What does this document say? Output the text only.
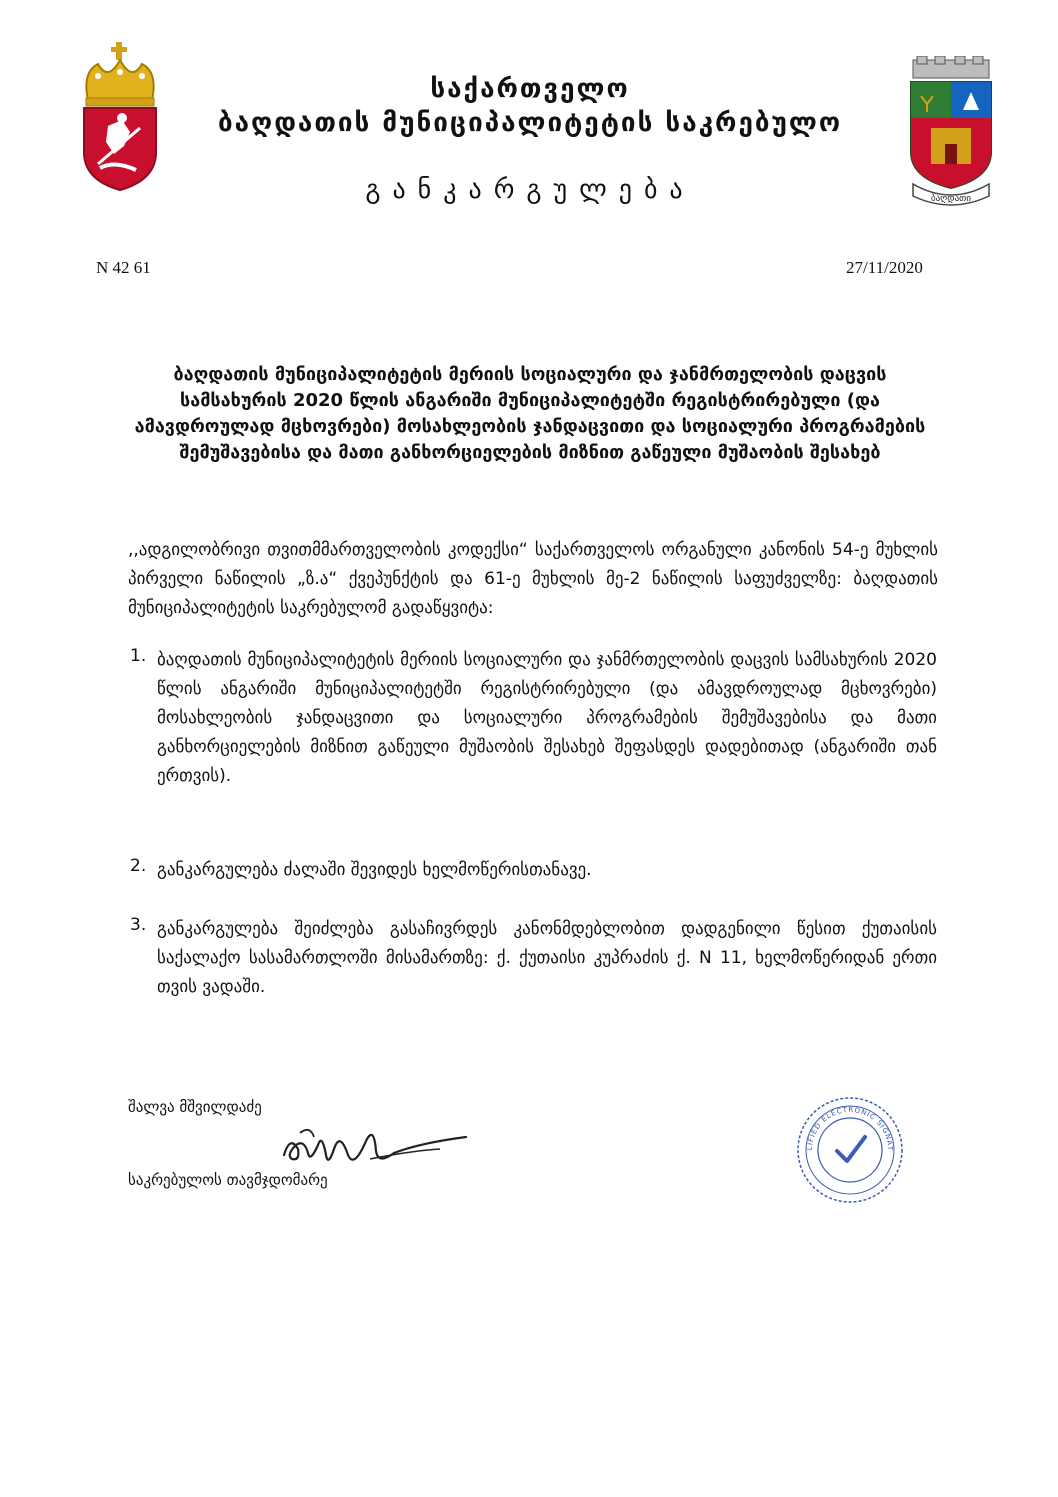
საქართველო
ბაღდათის მუნიციპალიტეტის საკრებულო
განკარგულება	ბაღდათი
N 42 61	27/11/2020
ბაღდათის მუნიციპალიტეტის მერიის სოციალური და ჯანმრთელობის დაცვის სამსახურის 2020 წლის ანგარიში მუნიციპალიტეტში რეგისტრირებული (და ამავდროულად მცხოვრები) მოსახლეობის ჯანდაცვითი და სოციალური პროგრამების შემუშავებისა და მათი განხორციელების მიზნით გაწეული მუშაობის შესახებ
,,ადგილობრივი თვითმმართველობის კოდექსი“ საქართველოს ორგანული კანონის 54-ე მუხლის პირველი ნაწილის „ზ.ა“ ქვეპუნქტის და 61-ე მუხლის მე-2 ნაწილის საფუძველზე: ბაღდათის მუნიციპალიტეტის საკრებულომ გადაწყვიტა:
1. ბაღდათის მუნიციპალიტეტის მერიის სოციალური და ჯანმრთელობის დაცვის სამსახურის 2020 წლის ანგარიში მუნიციპალიტეტში რეგისტრირებული (და ამავდროულად მცხოვრები) მოსახლეობის ჯანდაცვითი და სოციალური პროგრამების შემუშავებისა და მათი განხორციელების მიზნით გაწეული მუშაობის შესახებ შეფასდეს დადებითად (ანგარიში თან ერთვის).
2. განკარგულება ძალაში შევიდეს ხელმოწერისთანავე.
3. განკარგულება შეიძლება გასაჩივრდეს კანონმდებლობით დადგენილი წესით ქუთაისის საქალაქო სასამართლოში მისამართზე: ქ. ქუთაისი კუპრაძის ქ. N 11, ხელმოწერიდან ერთი თვის ვადაში.
შალვა მშვილდაძე
საკრებულოს თავმჯდომარე
LIFIED ELECTRONIC SIGNAT
